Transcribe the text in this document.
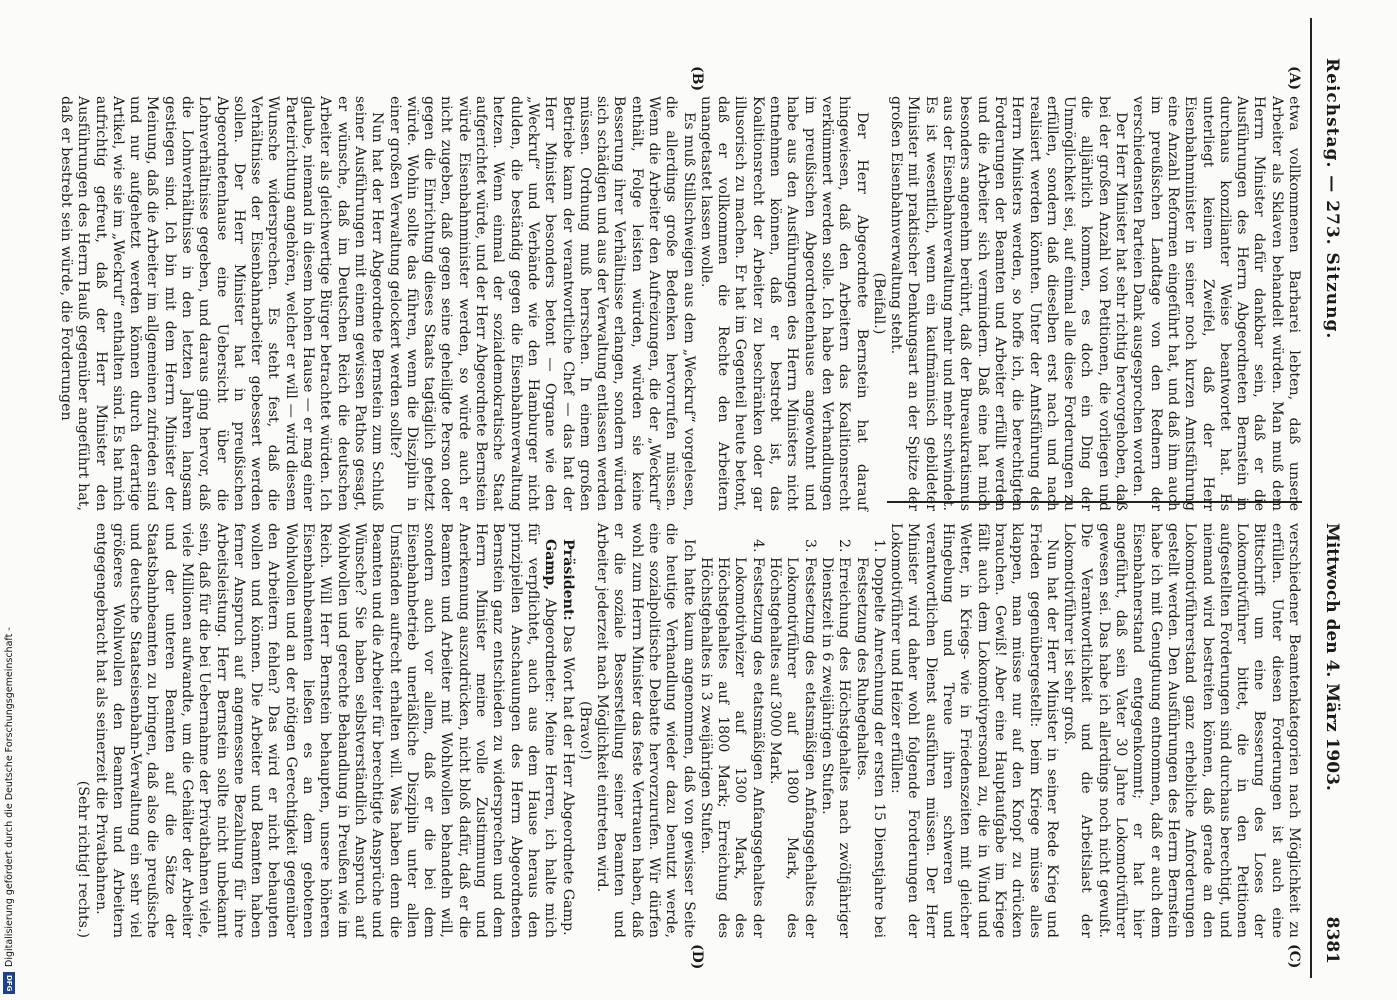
Reichstag. — 273. Sitzung.
8381
Mittwoch den 4. März 1903.
(A)
(B)
(C)
(D)

etwa vollkommenen Barbarei lebten, daß unsere Arbeiter als Sklaven behandelt würden. Man muß dem Herrn Minister dafür dankbar sein, daß er die Ausführungen des Herrn Abgeordneten Bernstein in durchaus konzilianter Weise beantwortet hat. Es unterliegt keinem Zweifel, daß der Herr Eisenbahnminister in seiner noch kurzen Amtsführung eine Anzahl Reformen eingeführt hat, und daß ihm auch im preußischen Landtage von den Rednern der verschiedensten Parteien Dank ausgesprochen worden.

Der Herr Minister hat sehr richtig hervorgehoben, daß bei der großen Anzahl von Petitionen, die vorliegen und die alljährlich kommen, es doch ein Ding der Unmöglichkeit sei, auf einmal alle diese Forderungen zu erfüllen, sondern daß dieselben erst nach und nach realisiert werden könnten. Unter der Amtsführung des Herrn Ministers werden, so hoffe ich, die berechtigten Forderungen der Beamten und Arbeiter erfüllt werden und die Arbeiter sich vermindern. Daß eine hat mich besonders angenehm berührt, daß der Bureaukratismus aus der Eisenbahnverwaltung mehr und mehr schwindet. Es ist wesentlich, wenn ein kaufmännisch gebildeter Minister mit praktischer Denkungsart an der Spitze der großen Eisenbahnverwaltung steht.

(Beifall.)

Der Herr Abgeordnete Bernstein hat darauf hingewiesen, daß den Arbeitern das Koalitionsrecht verkümmert werden solle. Ich habe den Verhandlungen im preußischen Abgeordnetenhause angewohnt und habe aus den Ausführungen des Herrn Ministers nicht entnehmen können, daß er bestrebt ist, das Koalitionsrecht der Arbeiter zu beschränken oder gar illusorisch zu machen. Er hat im Gegenteil heute betont, daß er vollkommen die Rechte den Arbeitern unangetastet lassen wolle.

Es muß Stillschweigen aus dem „Weckruf“ vorgelesen, die allerdings große Bedenken hervorrufen müssen. Wenn die Arbeiter den Aufreizungen, die der „Weckruf“ enthält, Folge leisten würden, würden sie keine Besserung ihrer Verhältnisse erlangen, sondern würden sich schädigen und aus der Verwaltung entlassen werden müssen. Ordnung muß herrschen. In einem großen Betriebe kann der verantwortliche Chef — das hat der Herr Minister besonders betont — Organe wie den „Weckruf“ und Verbände wie den Hamburger nicht dulden, die beständig gegen die Eisenbahnverwaltung hetzen. Wenn einmal der sozialdemokratische Staat aufgerichtet würde, und der Herr Abgeordnete Bernstein würde Eisenbahnminister werden, so würde auch er nicht zugeben, daß gegen seine geheiligte Person oder gegen die Einrichtung dieses Staats tagtäglich gehetzt würde. Wohin sollte das führen, wenn die Disziplin in einer großen Verwaltung gelockert werden sollte?

Nun hat der Herr Abgeordnete Bernstein zum Schluß seiner Ausführungen mit einem gewissen Pathos gesagt, er wünsche, daß im Deutschen Reich die deutschen Arbeiter als gleichwertige Bürger betrachtet würden. Ich glaube, niemand in diesem hohen Hause — er mag einer Parteirichtung angehören, welcher er will — wird diesem Wunsche widersprechen. Es steht fest, daß die Verhältnisse der Eisenbahnarbeiter gebessert werden sollen. Der Herr Minister hat in preußischen Abgeordnetenhause eine Uebersicht über die Lohnverhältnisse gegeben, und daraus ging hervor, daß die Lohnverhältnisse in den letzten Jahren langsam gestiegen sind. Ich bin mit dem Herrn Minister der Meinung, daß die Arbeiter im allgemeinen zufrieden sind und nur aufgehetzt werden können durch derartige Artikel, wie sie im „Weckruf“ enthalten sind. Es hat mich aufrichtig gefreut, daß der Herr Minister den Ausführungen des Herrn Hauß gegenüber angeführt hat, daß er bestrebt sein würde, die Forderungen

verschiedener Beamtenkategorien nach Möglichkeit zu erfüllen. Unter diesen Forderungen ist auch eine Bittschrift um eine Besserung des Loses der Lokomotivführer bittet, die in den Petitionen aufgestellten Forderungen sind durchaus berechtigt, und niemand wird bestreiten können, daß gerade an den Lokomotivführerstand ganz erhebliche Anforderungen gestellt werden. Den Ausführungen des Herrn Bernstein habe ich mit Genugtuung entnommen, daß er auch dem Eisenbahnerstand entgegenkommt; er hat hier angeführt, daß sein Vater 30 Jahre Lokomotivführer gewesen sei. Das habe ich allerdings noch nicht gewußt. Die Verantwortlichkeit und die Arbeitslast der Lokomotivführer ist sehr groß.

Nun hat der Herr Minister in seiner Rede Krieg und Frieden gegenübergestellt: beim Kriege müsse alles klappen, man müsse nur auf den Knopf zu drücken brauchen. Gewiß! Aber eine Hauptaufgabe im Kriege fällt auch dem Lokomotivpersonal zu, die in Wind und Wetter, in Kriegs- wie in Friedenszeiten mit gleicher Hingebung und Treue ihren schweren und verantwortlichen Dienst ausführen müssen. Der Herr Minister wird daher wohl folgende Forderungen der Lokomotivführer und Heizer erfüllen:

1. Doppelte Anrechnung der ersten 15 Dienstjahre bei Festsetzung des Ruhegehaltes.
2. Erreichung des Höchstgehaltes nach zwölfjähriger Dienstzeit in 6 zweijährigen Stufen.
3. Festsetzung des etatsmäßigen Anfangsgehaltes der Lokomotivführer auf 1800 Mark, des Höchstgehaltes auf 3000 Mark.
4. Festsetzung des etatsmäßigen Anfangsgehaltes der Lokomotivheizer auf 1300 Mark, des Höchstgehaltes auf 1800 Mark; Erreichung des Höchstgehaltes in 3 zweijährigen Stufen.

Ich hatte kaum angenommen, daß von gewisser Seite die heutige Verhandlung wieder dazu benutzt werde, eine sozialpolitische Debatte hervorzurufen. Wir dürfen wohl zum Herrn Minister das feste Vertrauen haben, daß er die soziale Besserstellung seiner Beamten und Arbeiter jederzeit nach Möglichkeit eintreten wird.

(Bravo!)

Präsident: Das Wort hat der Herr Abgeordnete Gamp.

Gamp, Abgeordneter: Meine Herren, ich halte mich für verpflichtet, auch aus dem Hause heraus den prinzipiellen Anschauungen des Herrn Abgeordneten Bernstein ganz entschieden zu widersprechen und dem Herrn Minister meine volle Zustimmung und Anerkennung auszudrücken, nicht bloß dafür, daß er die Beamten und Arbeiter mit Wohlwollen behandeln will, sondern auch vor allem, daß er die bei dem Eisenbahnbetrieb unerläßliche Disziplin unter allen Umständen aufrecht erhalten will. Was haben denn die Beamten und die Arbeiter für berechtigte Ansprüche und Wünsche? Sie haben selbstverständlich Anspruch auf Wohlwollen und gerechte Behandlung in Preußen wie im Reich. Will Herr Bernstein behaupten, unsere höheren Eisenbahnbeamten ließen es an dem gebotenen Wohlwollen und an der nötigen Gerechtigkeit gegenüber den Arbeitern fehlen? Das wird er nicht behaupten wollen und können. Die Arbeiter und Beamten haben ferner Anspruch auf angemessene Bezahlung für ihre Arbeitsleistung. Herr Bernstein sollte nicht unbekannt sein, daß für die bei Uebernahme der Privatbahnen viele, viele Millionen aufwandte, um die Gehälter der Arbeiter und der unteren Beamten auf die Sätze der Staatsbahnbeamten zu bringen, daß also die preußische und deutsche Staatseisenbahn-Verwaltung ein sehr viel größeres Wohlwollen den Beamten und Arbeitern entgegengebracht hat als seinerzeit die Privatbahnen.

(Sehr richtig! rechts.)

Digitalisierung gefördert durch die Deutsche Forschungsgemeinschaft -
DFG
